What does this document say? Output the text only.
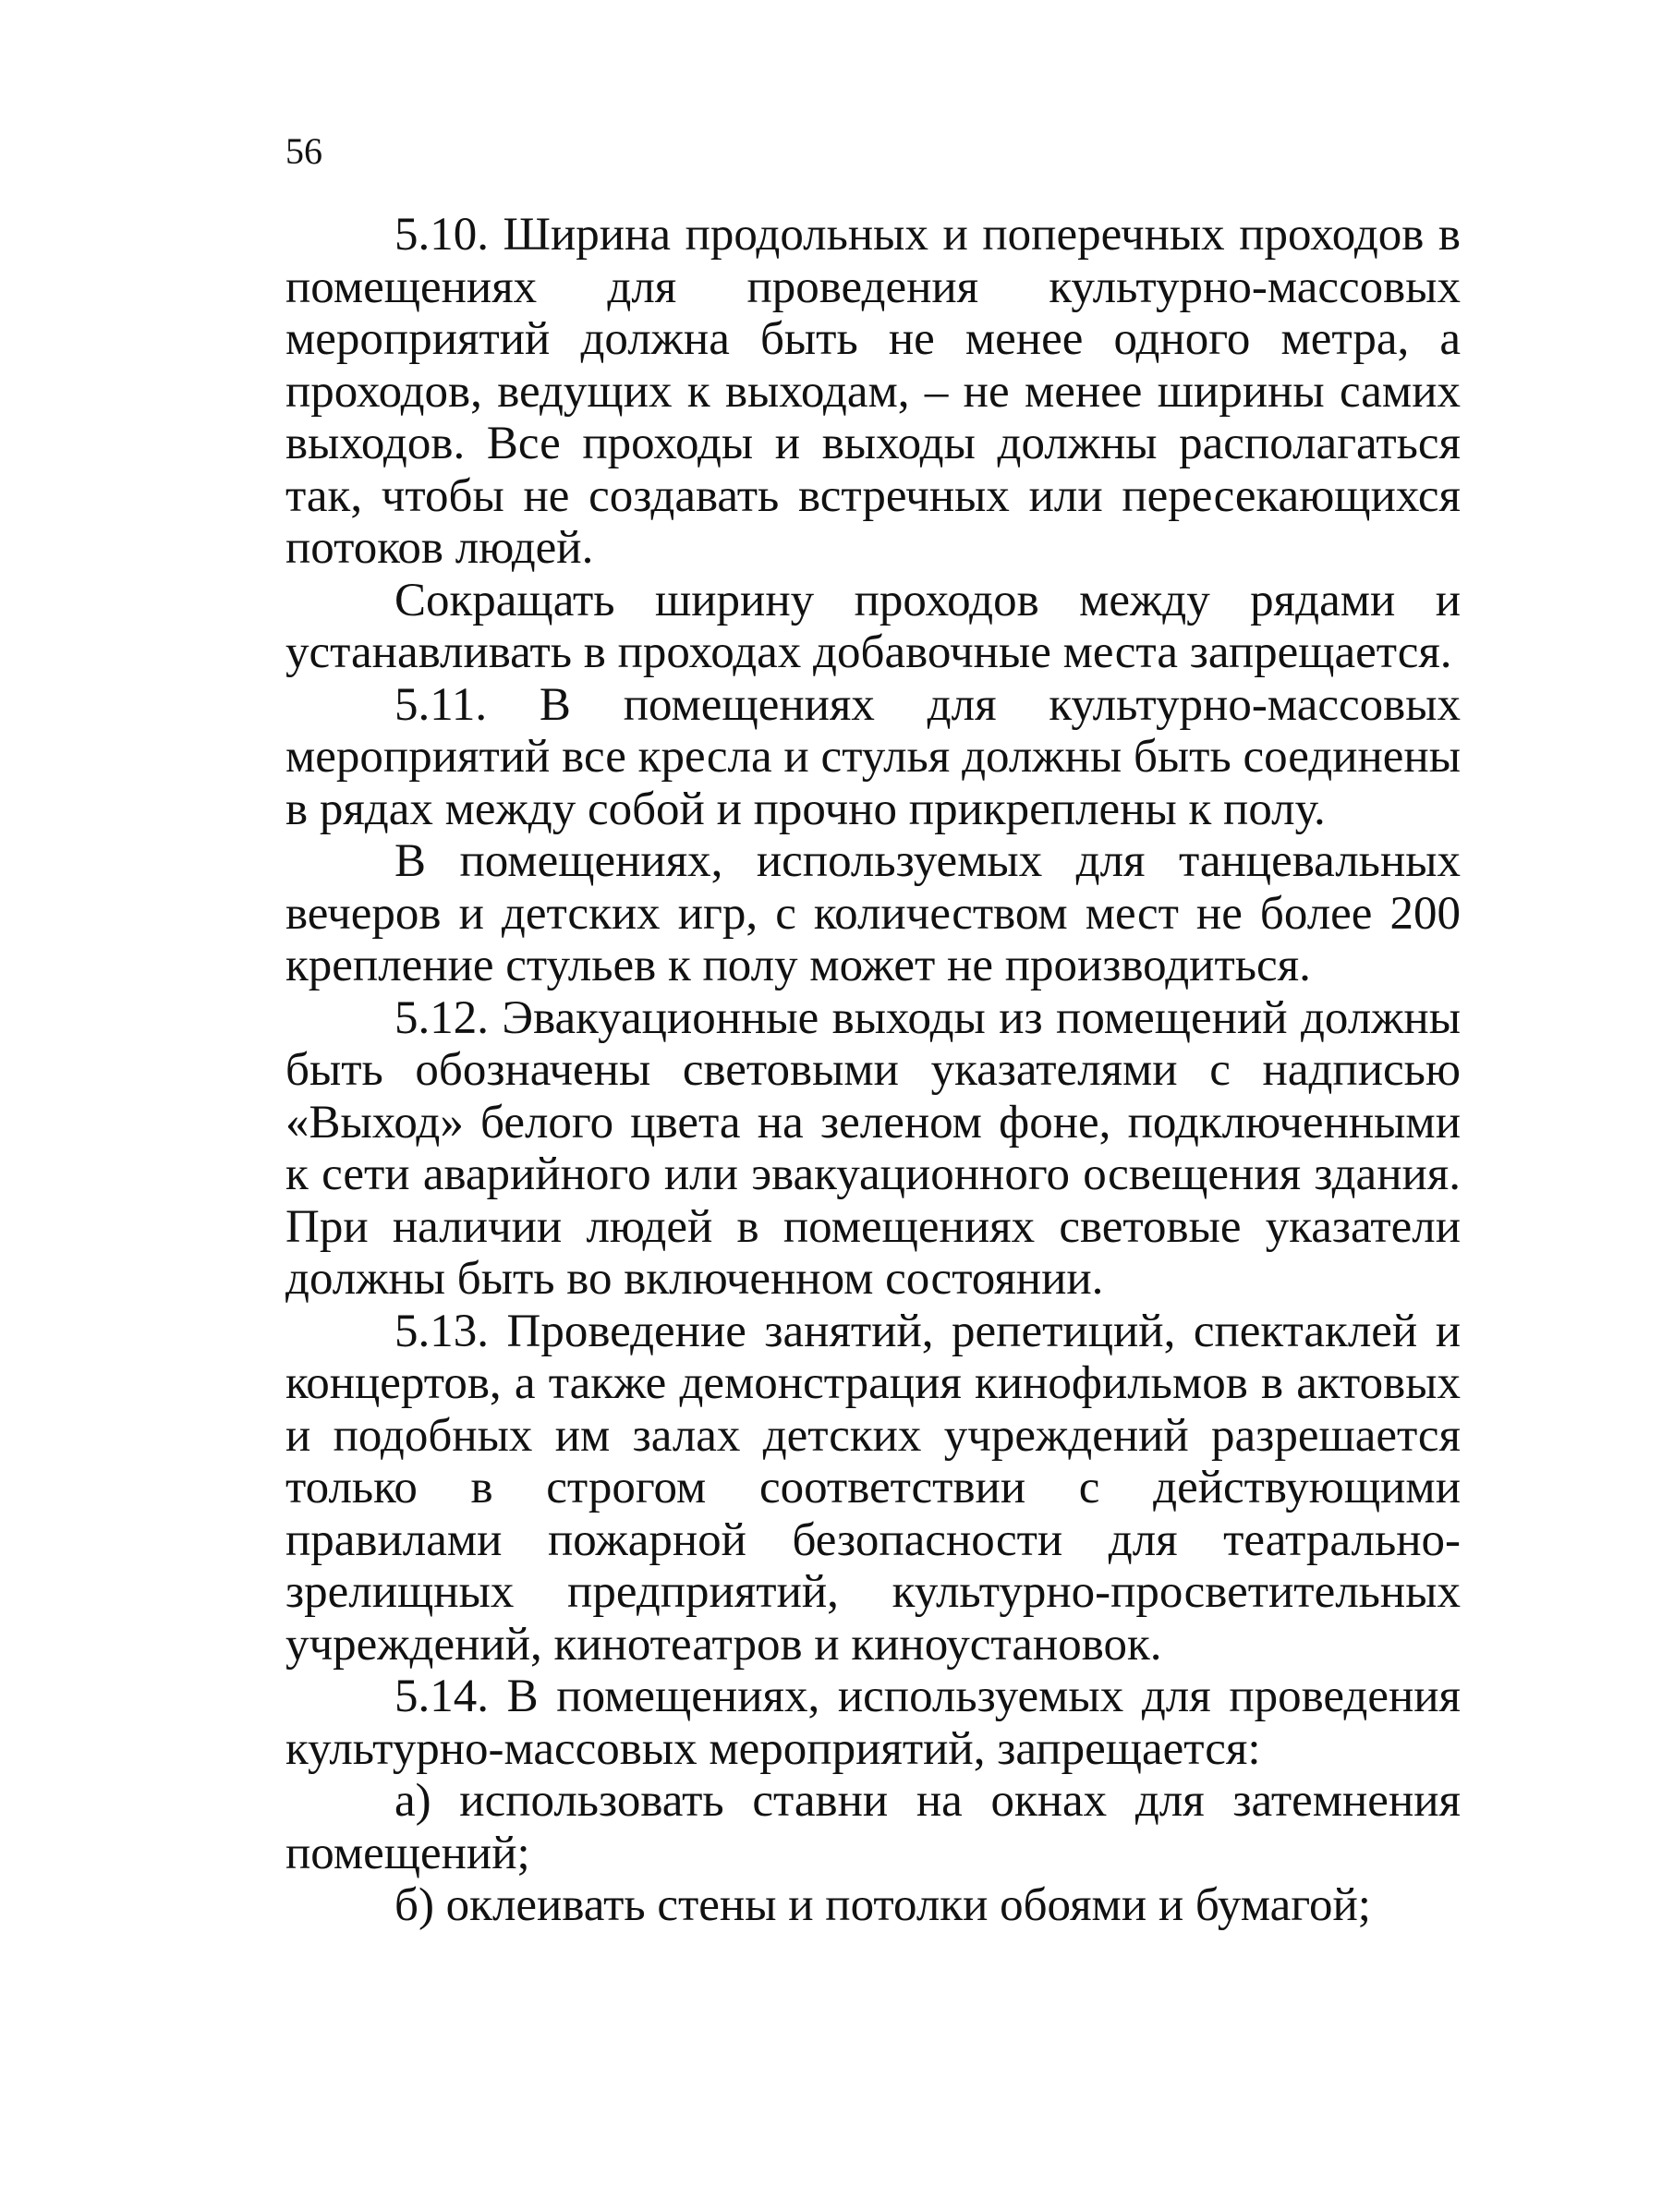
56

5.10. Ширина продольных и поперечных проходов в помещениях для проведения культурно-массовых мероприятий должна быть не менее одного метра, а проходов, ведущих к выходам, – не менее ширины самих выходов. Все проходы и выходы должны располагаться так, чтобы не создавать встречных или пересекающихся потоков людей.

Сокращать ширину проходов между рядами и устанавливать в проходах добавочные места запрещается.

5.11. В помещениях для культурно-массовых мероприятий все кресла и стулья должны быть соединены в рядах между собой и прочно прикреплены к полу.

В помещениях, используемых для танцевальных вечеров и детских игр, с количеством мест не более 200 крепление стульев к полу может не производиться.

5.12. Эвакуационные выходы из помещений должны быть обозначены световыми указателями с надписью «Выход» белого цвета на зеленом фоне, подключенными к сети аварийного или эвакуационного освещения здания. При наличии людей в помещениях световые указатели должны быть во включенном состоянии.

5.13. Проведение занятий, репетиций, спектаклей и концертов, а также демонстрация кинофильмов в актовых и подобных им залах детских учреждений разрешается только в строгом соответствии с действующими правилами пожарной безопасности для театрально-зрелищных предприятий, культурно-просветительных учреждений, кинотеатров и киноустановок.

5.14. В помещениях, используемых для проведения культурно-массовых мероприятий, запрещается:

а) использовать ставни на окнах для затемнения помещений;

б) оклеивать стены и потолки обоями и бумагой;
